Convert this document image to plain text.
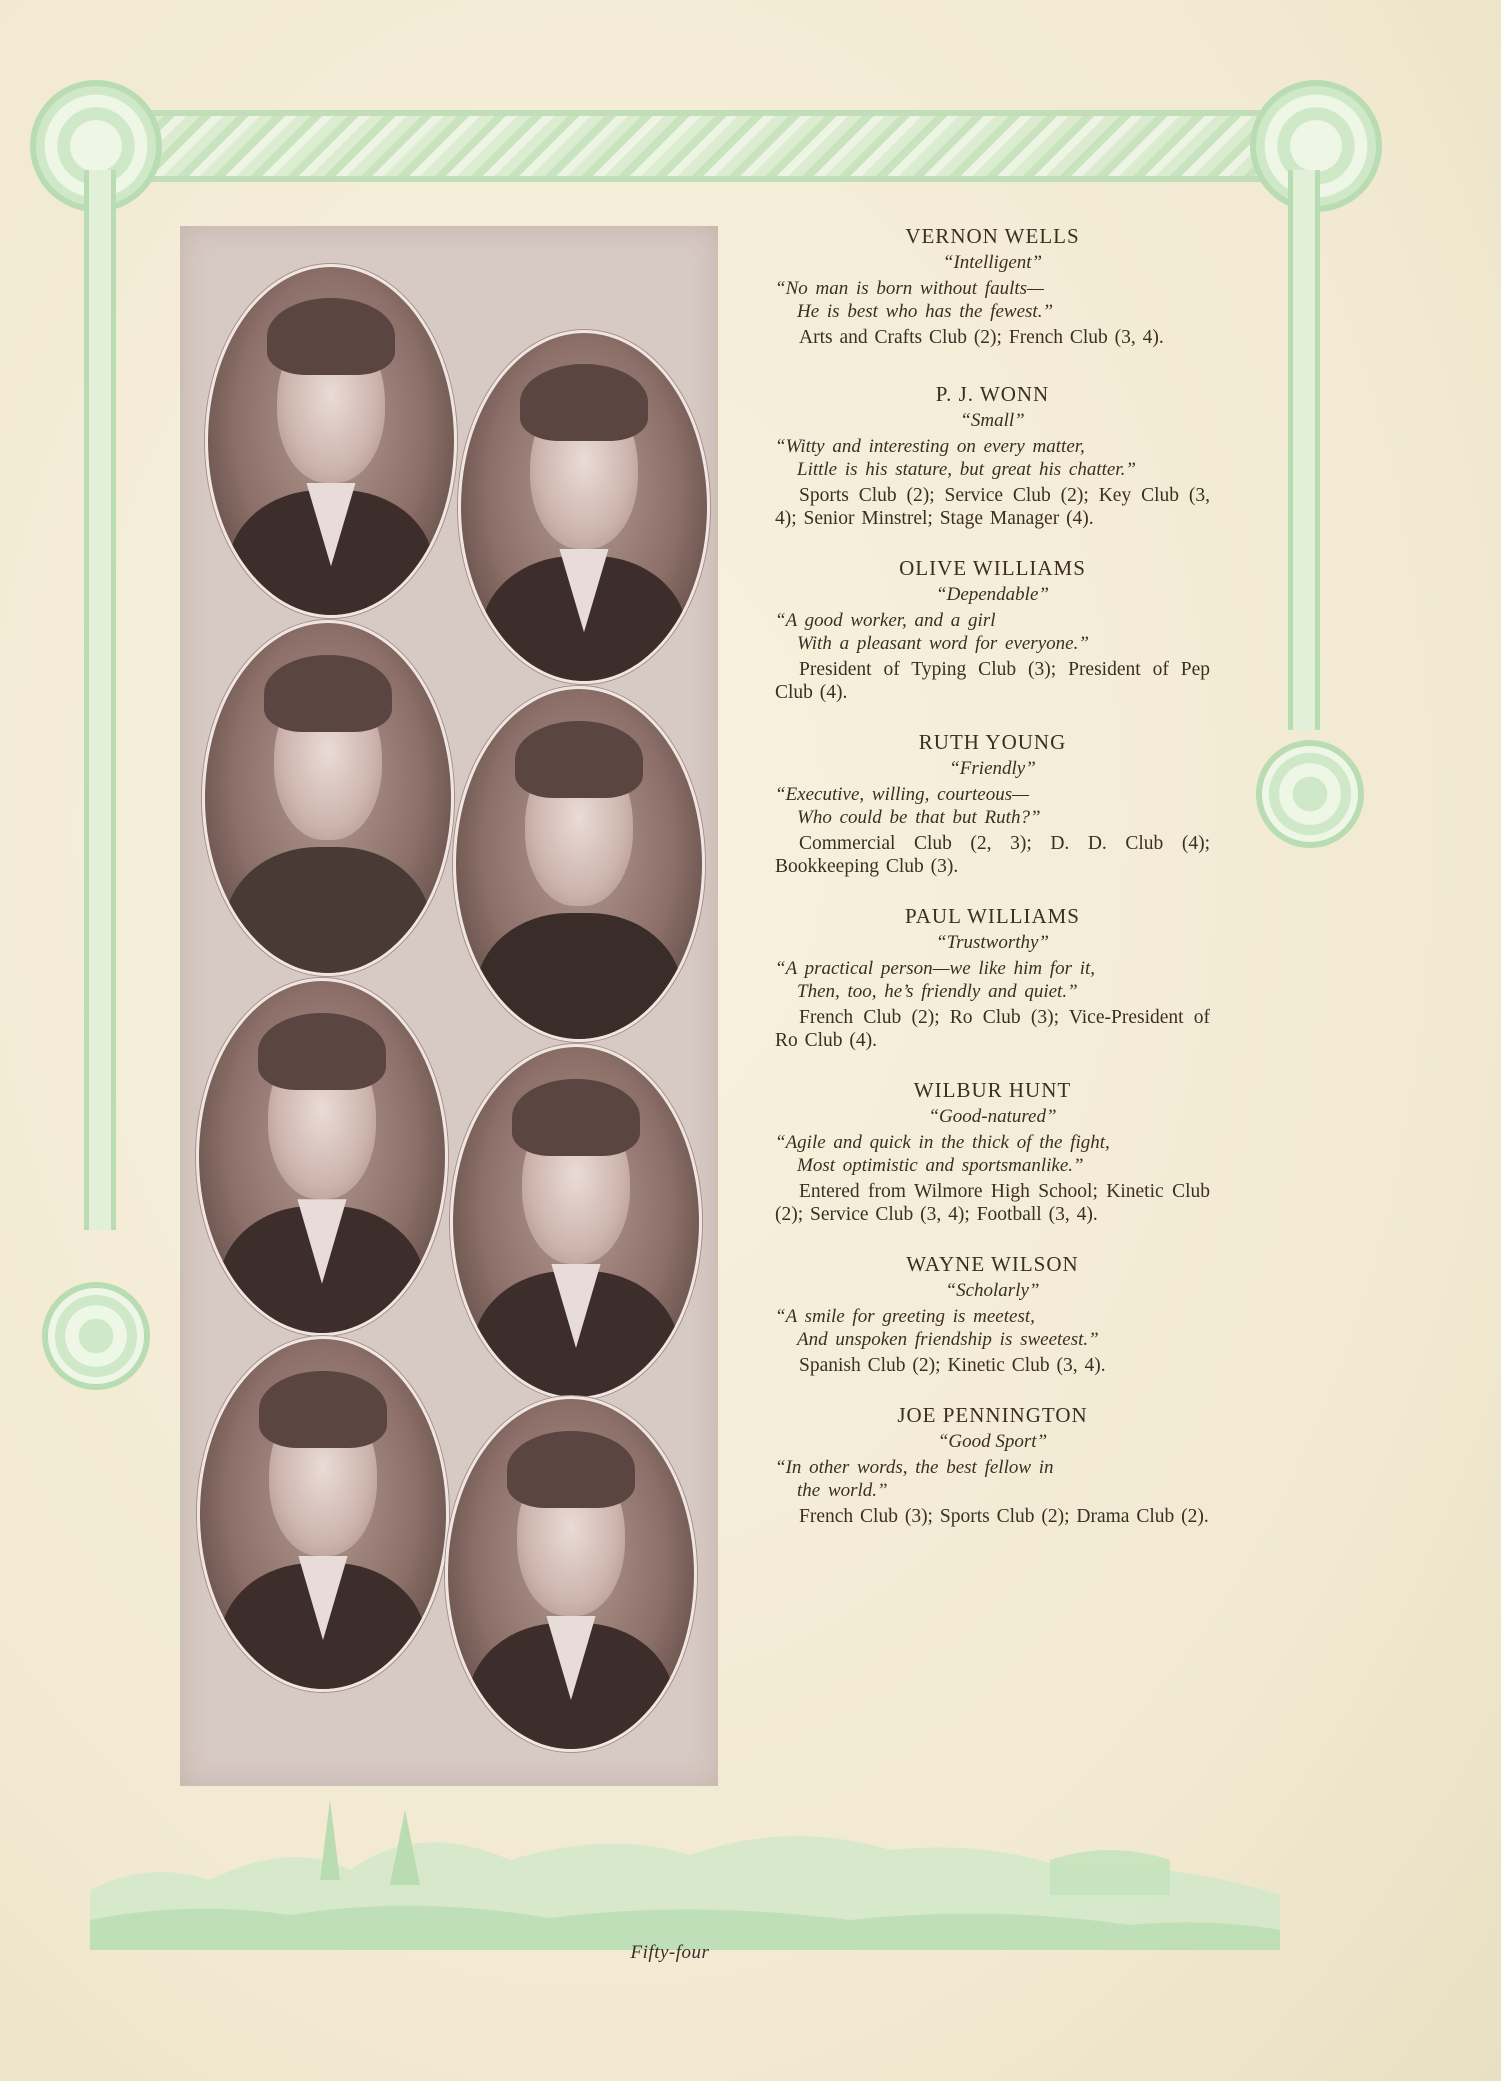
VERNON WELLS

“Intelligent”

“No man is born without faults—
He is best who has the fewest.”

Arts and Crafts Club (2); French Club (3, 4).

P. J. WONN

“Small”

“Witty and interesting on every matter,
Little is his stature, but great his chatter.”

Sports Club (2); Service Club (2); Key Club (3, 4); Senior Minstrel; Stage Manager (4).

OLIVE WILLIAMS

“Dependable”

“A good worker, and a girl
With a pleasant word for everyone.”

President of Typing Club (3); President of Pep Club (4).

RUTH YOUNG

“Friendly”

“Executive, willing, courteous—
Who could be that but Ruth?”

Commercial Club (2, 3); D. D. Club (4); Bookkeeping Club (3).

PAUL WILLIAMS

“Trustworthy”

“A practical person—we like him for it,
Then, too, he’s friendly and quiet.”

French Club (2); Ro Club (3); Vice-President of Ro Club (4).

WILBUR HUNT

“Good-natured”

“Agile and quick in the thick of the fight,
Most optimistic and sportsmanlike.”

Entered from Wilmore High School; Kinetic Club (2); Service Club (3, 4); Football (3, 4).

WAYNE WILSON

“Scholarly”

“A smile for greeting is meetest,
And unspoken friendship is sweetest.”

Spanish Club (2); Kinetic Club (3, 4).

JOE PENNINGTON

“Good Sport”

“In other words, the best fellow in
the world.”

French Club (3); Sports Club (2); Drama Club (2).

Fifty-four
